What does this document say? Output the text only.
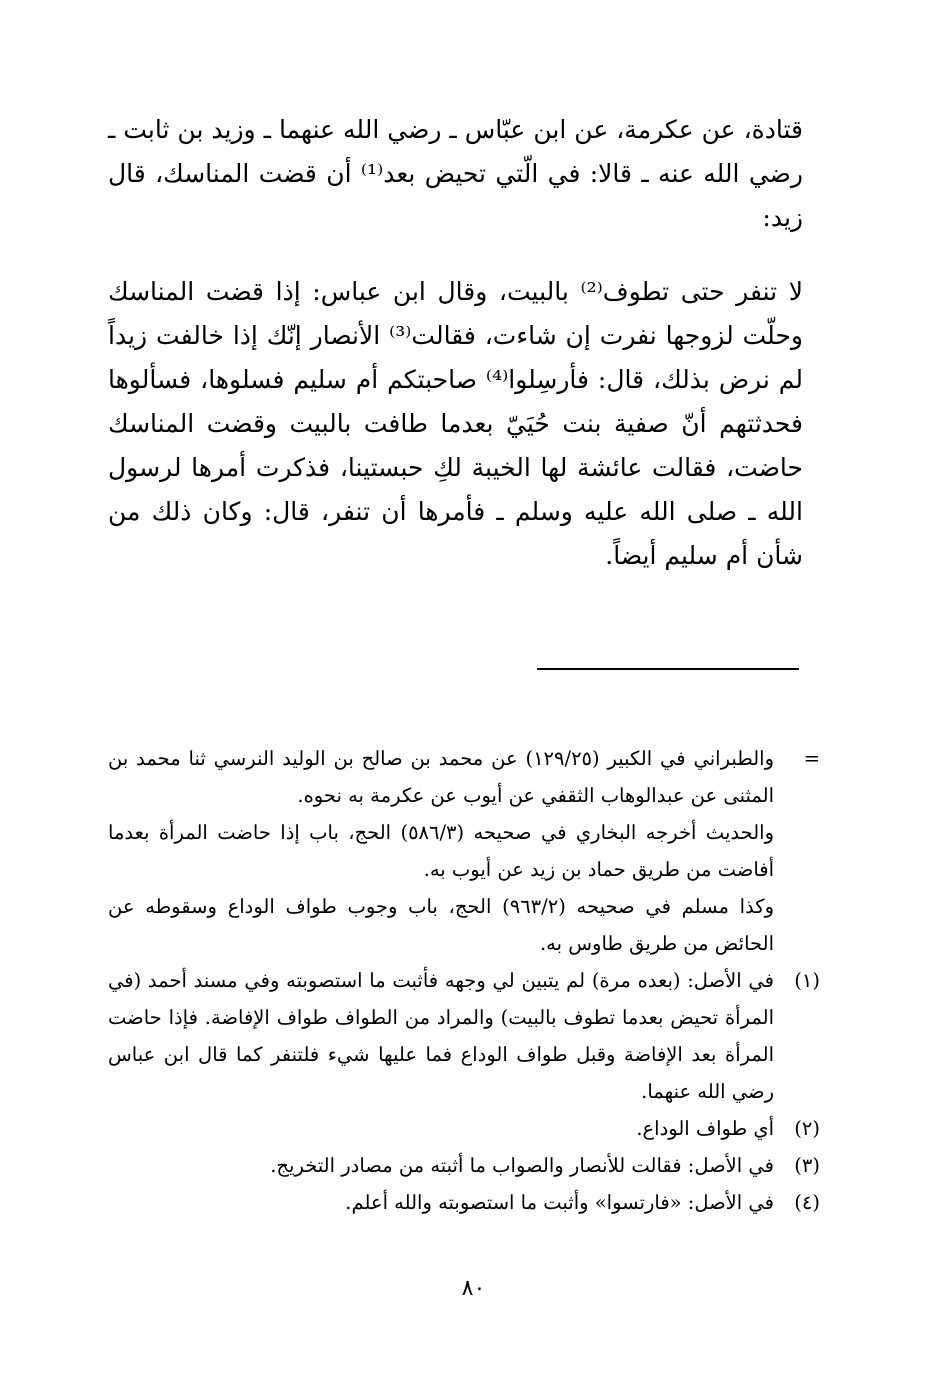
قتادة، عن عكرمة، عن ابن عبّاس ـ رضي الله عنهما ـ وزيد بن ثابت ـ رضي الله عنه ـ قالا: في الّتي تحيض بعد⁽¹⁾ أن قضت المناسك، قال زيد:

لا تنفر حتى تطوف⁽²⁾ بالبيت، وقال ابن عباس: إذا قضت المناسك وحلّت لزوجها نفرت إن شاءت، فقالت⁽³⁾ الأنصار إنّك إذا خالفت زيداً لم نرض بذلك، قال: فأرسِلوا⁽⁴⁾ صاحبتكم أم سليم فسلوها، فسألوها فحدثتهم أنّ صفية بنت حُيَيّ بعدما طافت بالبيت وقضت المناسك حاضت، فقالت عائشة لها الخيبة لكِ حبستينا، فذكرت أمرها لرسول الله ـ صلى الله عليه وسلم ـ فأمرها أن تنفر، قال: وكان ذلك من شأن أم سليم أيضاً.

=
والطبراني في الكبير (١٢٩/٢٥) عن محمد بن صالح بن الوليد النرسي ثنا محمد بن المثنى عن عبدالوهاب الثقفي عن أيوب عن عكرمة به نحوه.
والحديث أخرجه البخاري في صحيحه (٥٨٦/٣) الحج، باب إذا حاضت المرأة بعدما أفاضت من طريق حماد بن زيد عن أيوب به.
وكذا مسلم في صحيحه (٩٦٣/٢) الحج، باب وجوب طواف الوداع وسقوطه عن الحائض من طريق طاوس به.
(١)
في الأصل: (بعده مرة) لم يتبين لي وجهه فأثبت ما استصوبته وفي مسند أحمد (في المرأة تحيض بعدما تطوف بالبيت) والمراد من الطواف طواف الإفاضة. فإذا حاضت المرأة بعد الإفاضة وقبل طواف الوداع فما عليها شيء فلتنفر كما قال ابن عباس رضي الله عنهما.
(٢)
أي طواف الوداع.
(٣)
في الأصل: فقالت للأنصار والصواب ما أثبته من مصادر التخريج.
(٤)
في الأصل: «فارتسوا» وأثبت ما استصوبته والله أعلم.
٨٠
